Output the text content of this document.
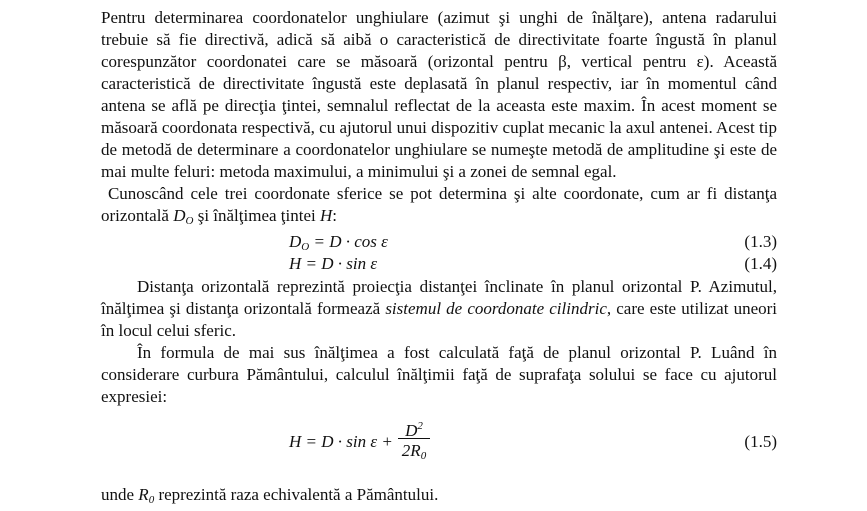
Pentru determinarea coordonatelor unghiulare (azimut şi unghi de înălţare), antena radarului trebuie să fie directivă, adică să aibă o caracteristică de directivitate foarte îngustă în planul corespunzător coordonatei care se măsoară (orizontal pentru β, vertical pentru ε). Această caracteristică de directivitate îngustă este deplasată în planul respectiv, iar în momentul când antena se află pe direcţia ţintei, semnalul reflectat de la aceasta este maxim. În acest moment se măsoară coordonata respectivă, cu ajutorul unui dispozitiv cuplat mecanic la axul antenei. Acest tip de metodă de determinare a coordonatelor unghiulare se numeşte metodă de amplitudine şi este de mai multe feluri: metoda maximului, a minimului şi a zonei de semnal egal.

Cunoscând cele trei coordonate sferice se pot determina şi alte coordonate, cum ar fi distanţa orizontală $D_O$ şi înălţimea ţintei H:

$D_O = D \cdot \cos \varepsilon$	(1.3)
H = D · sin ε	(1.4)

Distanţa orizontală reprezintă proiecţia distanţei înclinate în planul orizontal P. Azimutul, înălţimea şi distanţa orizontală formează sistemul de coordonate cilindric, care este utilizat uneori în locul celui sferic.

În formula de mai sus înălţimea a fost calculată faţă de planul orizontal P. Luând în considerare curbura Pământului, calculul înălţimii faţă de suprafaţa solului se face cu ajutorul expresiei:

H = D · sin ε +
$D^2$
$2R_0$
(1.5)

unde $R_0$ reprezintă raza echivalentă a Pământului.
